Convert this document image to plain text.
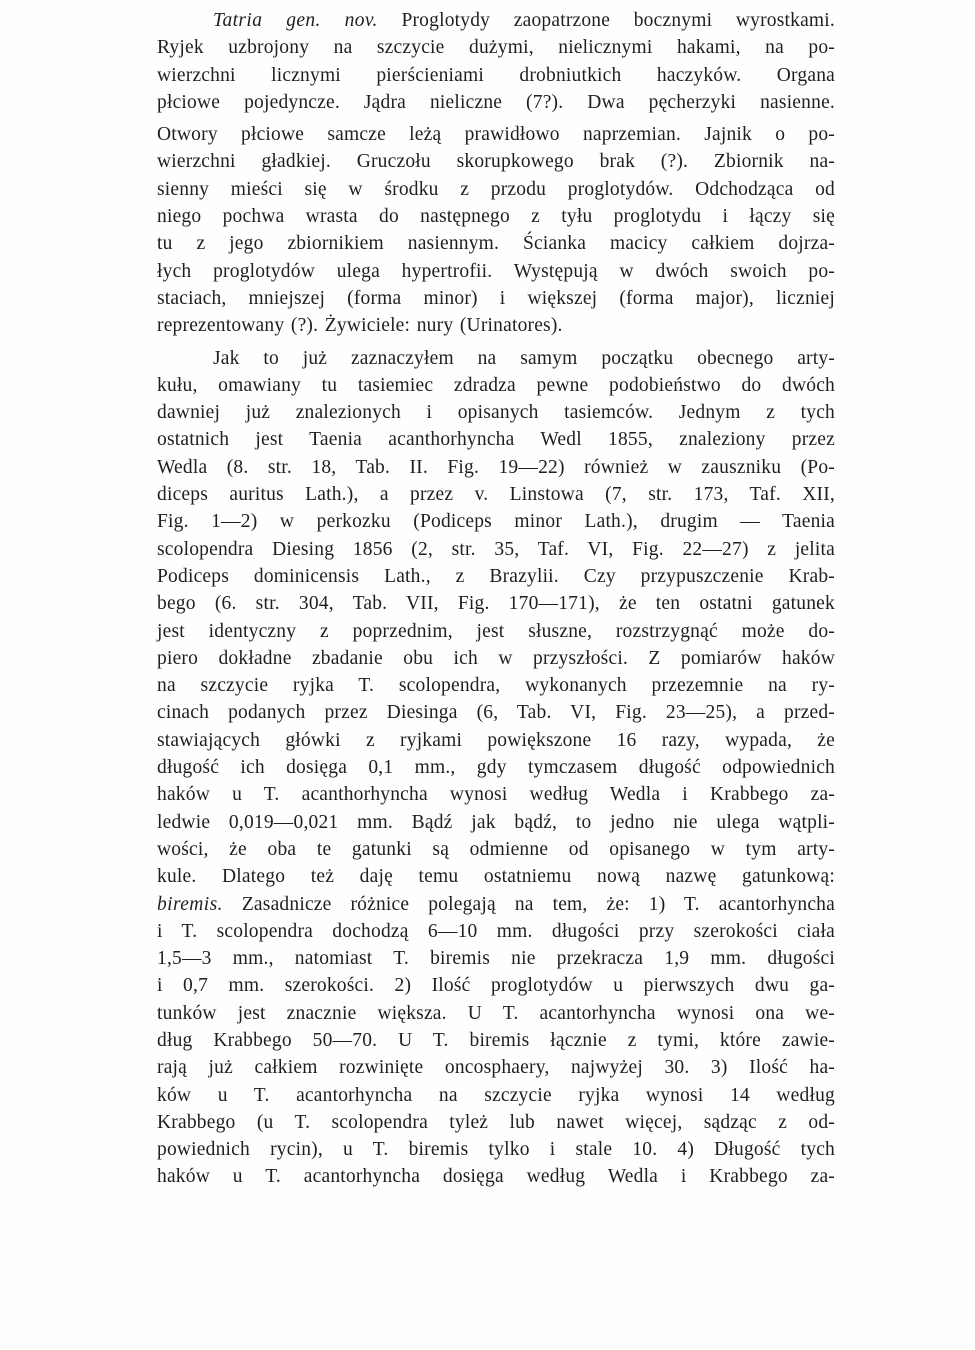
Tatria gen. nov. Proglotydy zaopatrzone bocznymi wyrostkami.
Ryjek uzbrojony na szczycie dużymi, nielicznymi hakami, na po-
wierzchni licznymi pierścieniami drobniutkich haczyków. Organa
płciowe pojedyncze. Jądra nieliczne (7?). Dwa pęcherzyki nasienne.
Otwory płciowe samcze leżą prawidłowo naprzemian. Jajnik o po-
wierzchni gładkiej. Gruczołu skorupkowego brak (?). Zbiornik na-
sienny mieści się w środku z przodu proglotydów. Odchodząca od
niego pochwa wrasta do następnego z tyłu proglotydu i łączy się
tu z jego zbiornikiem nasiennym. Ścianka macicy całkiem dojrza-
łych proglotydów ulega hypertrofii. Występują w dwóch swoich po-
staciach, mniejszej (forma minor) i większej (forma major), liczniej
reprezentowany (?). Żywiciele: nury (Urinatores).
Jak to już zaznaczyłem na samym początku obecnego arty-
kułu, omawiany tu tasiemiec zdradza pewne podobieństwo do dwóch
dawniej już znalezionych i opisanych tasiemców. Jednym z tych
ostatnich jest Taenia acanthorhyncha Wedl 1855, znaleziony przez
Wedla (8. str. 18, Tab. II. Fig. 19—22) również w zauszniku (Po-
diceps auritus Lath.), a przez v. Linstowa (7, str. 173, Taf. XII,
Fig. 1—2) w perkozku (Podiceps minor Lath.), drugim — Taenia
scolopendra Diesing 1856 (2, str. 35, Taf. VI, Fig. 22—27) z jelita
Podiceps dominicensis Lath., z Brazylii. Czy przypuszczenie Krab-
bego (6. str. 304, Tab. VII, Fig. 170—171), że ten ostatni gatunek
jest identyczny z poprzednim, jest słuszne, rozstrzygnąć może do-
piero dokładne zbadanie obu ich w przyszłości. Z pomiarów haków
na szczycie ryjka T. scolopendra, wykonanych przezemnie na ry-
cinach podanych przez Diesinga (6, Tab. VI, Fig. 23—25), a przed-
stawiających główki z ryjkami powiększone 16 razy, wypada, że
długość ich dosięga 0,1 mm., gdy tymczasem długość odpowiednich
haków u T. acanthorhyncha wynosi według Wedla i Krabbego za-
ledwie 0,019—0,021 mm. Bądź jak bądź, to jedno nie ulega wątpli-
wości, że oba te gatunki są odmienne od opisanego w tym arty-
kule. Dlatego też daję temu ostatniemu nową nazwę gatunkową:
biremis. Zasadnicze różnice polegają na tem, że: 1) T. acantorhyncha
i T. scolopendra dochodzą 6—10 mm. długości przy szerokości ciała
1,5—3 mm., natomiast T. biremis nie przekracza 1,9 mm. długości
i 0,7 mm. szerokości. 2) Ilość proglotydów u pierwszych dwu ga-
tunków jest znacznie większa. U T. acantorhyncha wynosi ona we-
dług Krabbego 50—70. U T. biremis łącznie z tymi, które zawie-
rają już całkiem rozwinięte oncosphaery, najwyżej 30. 3) Ilość ha-
ków u T. acantorhyncha na szczycie ryjka wynosi 14 według
Krabbego (u T. scolopendra tyleż lub nawet więcej, sądząc z od-
powiednich rycin), u T. biremis tylko i stale 10. 4) Długość tych
haków u T. acantorhyncha dosięga według Wedla i Krabbego za-
